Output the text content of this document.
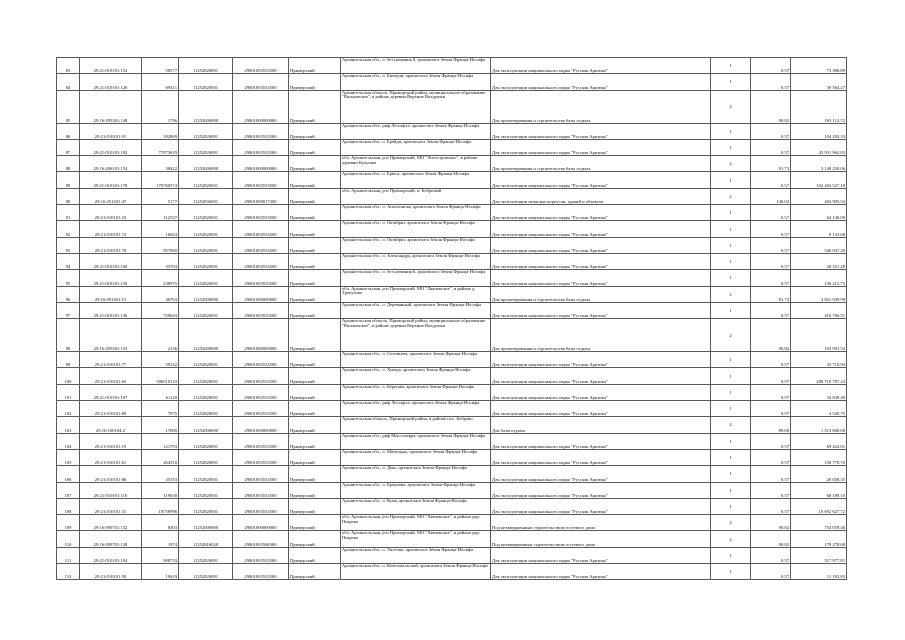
83	29:21:010101:152	58577	11252820001	29001003533500	Приморский	Архангельская обл., о. без названия 8, архипелага Земля Франца-Иосифа	Для эксплуатации национального парка "Русская Арктика"	1	0.57	73 388.89
84	29:21:010101:126	69411	11252820001	29001003533500	Приморский	Архангельская обл., о. Бичерли, архипелага Земля Франца-Иосифа	Для эксплуатации национального парка "Русская Арктика"	1	0.57	39 564.27
85	29:16:295301:148	1796	11252000000	29001000000000	Приморский	Архангельская область, Приморский район, муниципальное образование "Васьковское", в районе деревни Верхние Валдушки	Для проектирования и строительства базы отдыха	2	90.82	163 112.72
86	29:21:010101:91	182869	11252820001	29001003533500	Приморский	Архангельская обл., риф Лесгафта, архипелага Земля Франца-Иосифа	Для эксплуатации национального парка "Русская Арктика"	1	0.57	104 292.33
87	29:21:010101:102	77073619	11252820001	29001003533500	Приморский	Архангельская обл., о. Брейди, архипелага Земля Франца-Иосифа	Для эксплуатации национального парка "Русская Арктика"	1	0.57	43 931 962.83
88	29:16:206101:154	38422	11252000000	29001000000000	Приморский	обл. Архангельская, р-н Приморский, МО "Лисестровское", в районе деревни Кукушка	Для проектирования и строительства базы отдыха	2	81.73	3 140 230.06
89	29:21:010101:178	179760574	11252820001	29001003533500	Приморский	Архангельская обл., о. Брюса, архипелага Земля Франца-Иосифа	Для эксплуатации национального парка "Русская Арктика"	1	0.57	102 463 527.18
90	29:16:251201:47	5177	11252836001	29001000017200	Приморский	обл. Архангельская, р-н Приморский, п. Бобровый	Для эксплуатации нежилых корпусов, зданий и объектов	2	146.02	463 905.54
91	29:21:010101:23	112537	11252820001	29001003533500	Приморский	Архангельская обл., о. Аполлонова, архипелага Земля Франца-Иосифа	Для эксплуатации национального парка "Русская Арктика"	1	0.57	64 146.09
92	29:21:010101:72	16024	11252820001	29001003533500	Приморский	Архангельская обл., о. Октябрят, архипелага Земля Франца-Иосифа	Для эксплуатации национального парка "Русская Арктика"	1	0.57	9 133.68
93	29:21:010101:70	957960	11252820001	29001003533500	Приморский	Архангельская обл., о. Октябрят, архипелага Земля Франца-Иосифа	Для эксплуатации национального парка "Русская Арктика"	1	0.57	546 037.20
94	29:21:010101:100	35704	11252820001	29001003533500	Приморский	Архангельская обл., о. Александра, архипелага Земля Франца-Иосифа	Для эксплуатации национального парка "Русская Арктика"	1	0.57	20 351.28
95	29:21:010101:150	238975	11252820001	29001003533500	Приморский	Архангельская обл., о. без названия 6, архипелага Земля Франца-Иосифа	Для эксплуатации национального парка "Русская Арктика"	1	0.57	136 215.75
96	29:16:091401:15	46763	11252000000	29001000000000	Приморский	обл. Архангельская, р-н Приморский, МО "Лявленское", в районе д. Трепузово	Для проектирования и строительства базы отдыха	2	81.73	3 821 939.99
97	29:21:010101:136	720643	11252820001	29001003533500	Приморский	Архангельская обл., о. Деревянный, архипелага Земля Франца-Иосифа	Для эксплуатации национального парка "Русская Арктика"	1	0.57	410 766.51
98	29:16:295301:133	2136	11252000000	29001000000000	Приморский	Архангельская область, Приморский район, муниципальное образование "Васьковское", в районе деревни Верхние Валдушки	Для проектирования и строительства базы отдыха	2	90.82	193 991.52
99	29:21:010101:77	59142	11252820001	29001003533500	Приморский	Архангельская обл., о. Соловьева, архипелага Земля Франца-Иосифа	Для эксплуатации национального парка "Русская Арктика"	1	0.57	33 710.94
100	29:21:010101:65	506510133	11252820001	29001003533500	Приморский	Архангельская обл., о. Хукера, архипелага Земля Франца-Иосифа	Для эксплуатации национального парка "Русская Арктика"	1	0.57	288 710 787.24
101	29:21:010101:107	61120	11252820001	29001003533500	Приморский	Архангельская обл., о. Берегава, архипелага Земля Франца-Иосифа	Для эксплуатации национального парка "Русская Арктика"	1	0.57	34 838.40
102	29:21:010101:89	7975	11252820001	29001003533500	Приморский	Архангельская обл., риф Лесгафта, архипелага Земля Франца-Иосифа	Для эксплуатации национального парка "Русская Арктика"	1	0.57	4 545.75
103	29:16:100104:2	17000	11252000000	29001000000000	Приморский	Архангельская область, Приморский район, в районе пос. Боброво	Для базы отдыха	2	89.00	1 513 000.00
104	29:21:010101:19	121793	11252820001	29001003533500	Приморский	Архангельская обл., риф Мысоэзерра, архипелага Земля Франца-Иосифа	Для эксплуатации национального парка "Русская Арктика"	1	0.57	69 422.01
105	29:21:010101:61	264510	11252820001	29001003533500	Приморский	Архангельская обл., о. Матильды, архипелага Земля Франца-Иосифа	Для эксплуатации национального парка "Русская Арктика"	1	0.57	150 770.70
106	29:21:010101:86	35153	11252820001	29001003533500	Приморский	Архангельская обл., о. Дикс, архипелага Земли Франца-Иосифа	Для эксплуатации национального парка "Русская Арктика"	1	0.57	20 038.35
107	29:21:010101:116	119630	11252820001	29001003533500	Приморский	Архангельская обл., о. Броунова, архипелага Земля Франца-Иосифа	Для эксплуатации национального парка "Русская Арктика"	1	0.57	68 189.10
108	29:21:010101:31	18758996	11252820001	29001003533500	Приморский	Архангельская обл., о. Кума, архипелага Земля Франца-Иосифа	Для эксплуатации национального парка "Русская Арктика"	1	0.57	10 692 627.72
109	29:16:090701:132	8303	11252000000	29001000000000	Приморский	обл. Архангельская, р-н Приморский, МО "Лявленское", в районе дер. Пеарсво	Под незавершенным строительством гостевого дома	2	90.82	754 078.46
110	29:16:090701:138	1974	11252816020	29001003568300	Приморский	обл. Архангельская, р-н Приморский, МО "Лявленское", в районе дер. Пеарсво	Под незавершенным строительством гостевого дома	2	90.82	179 278.68
111	29:21:010101:104	908733	11252820001	29001003533500	Приморский	Архангельская обл., о. Уилтона, архипелага Земля Франца-Иосифа	Для эксплуатации национального парка "Русская Арктика"	1	0.57	517 977.81
112	29:21:010101:50	19619	11252820001	29001003533500	Приморский	Архангельская обл., о. Комсомольский, архипелага Земля Франца-Иосифа	Для эксплуатации национального парка "Русская Арктика"	1	0.57	11 182.83
